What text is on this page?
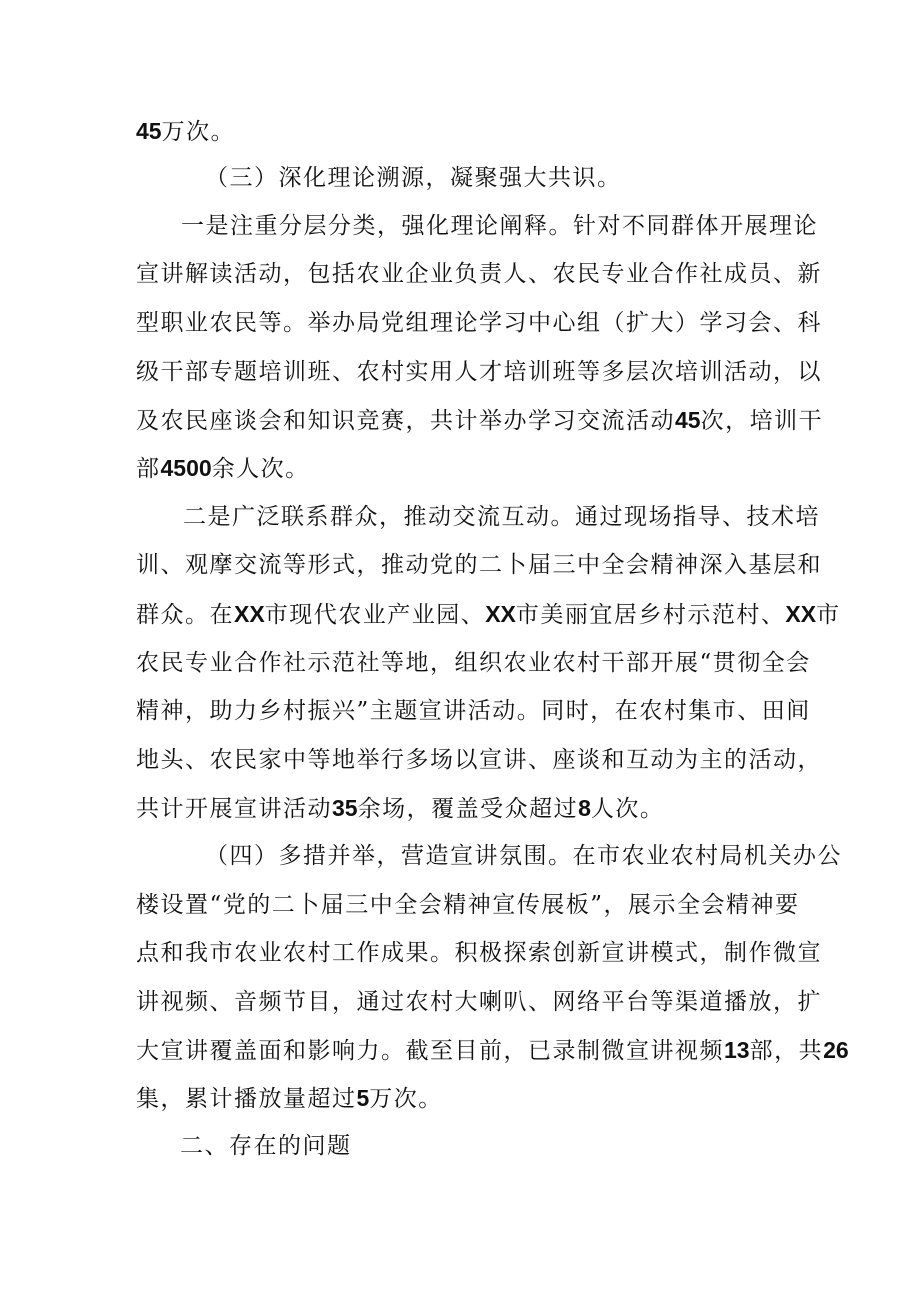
45万次。
（三）深化理论溯源，凝聚强大共识。
一是注重分层分类，强化理论阐释。针对不同群体开展理论
宣讲解读活动，包括农业企业负责人、农民专业合作社成员、新
型职业农民等。举办局党组理论学习中心组（扩大）学习会、科
级干部专题培训班、农村实用人才培训班等多层次培训活动，以
及农民座谈会和知识竞赛，共计举办学习交流活动45次，培训干
部4500余人次。
二是广泛联系群众，推动交流互动。通过现场指导、技术培
训、观摩交流等形式，推动党的二卜届三中全会精神深入基层和
群众。在XX市现代农业产业园、XX市美丽宜居乡村示范村、XX市
农民专业合作社示范社等地，组织农业农村干部开展“贯彻全会
精神，助力乡村振兴”主题宣讲活动。同时，在农村集市、田间
地头、农民家中等地举行多场以宣讲、座谈和互动为主的活动，
共计开展宣讲活动35余场，覆盖受众超过8人次。
（四）多措并举，营造宣讲氛围。在市农业农村局机关办公
楼设置“党的二卜届三中全会精神宣传展板”，展示全会精神要
点和我市农业农村工作成果。积极探索创新宣讲模式，制作微宣
讲视频、音频节目，通过农村大喇叭、网络平台等渠道播放，扩
大宣讲覆盖面和影响力。截至目前，已录制微宣讲视频13部，共26
集，累计播放量超过5万次。
二、存在的问题
